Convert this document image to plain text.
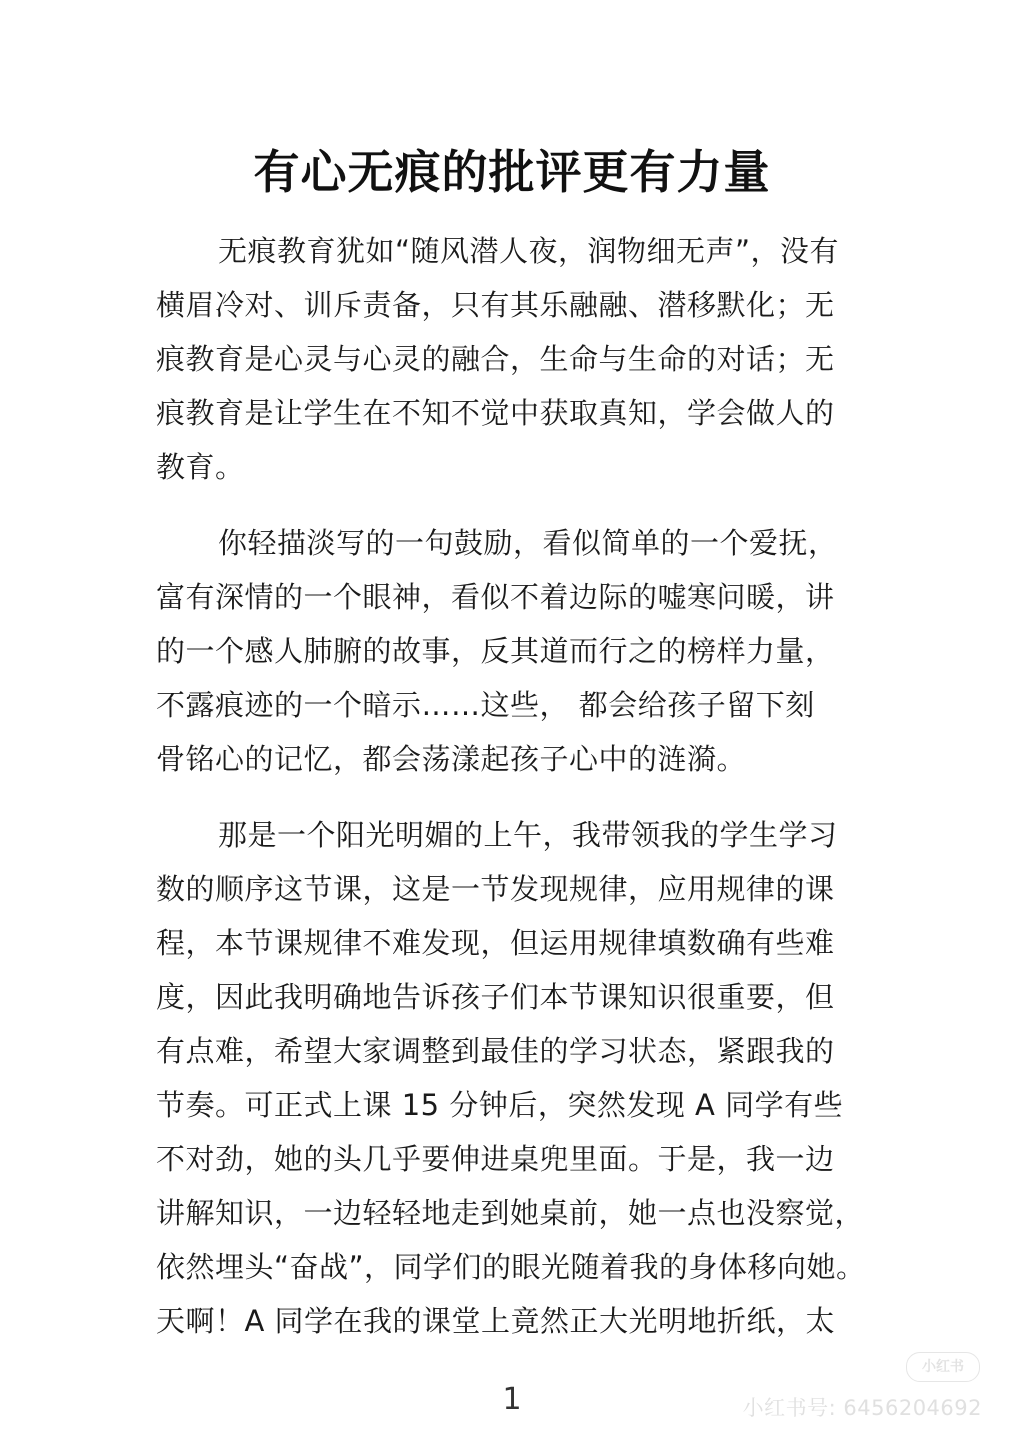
有心无痕的批评更有力量
无痕教育犹如“随风潜人夜，润物细无声”，没有
横眉冷对、训斥责备，只有其乐融融、潜移默化；无
痕教育是心灵与心灵的融合，生命与生命的对话；无
痕教育是让学生在不知不觉中获取真知，学会做人的
教育。
你轻描淡写的一句鼓励，看似简单的一个爱抚，
富有深情的一个眼神，看似不着边际的嘘寒问暖，讲
的一个感人肺腑的故事，反其道而行之的榜样力量，
不露痕迹的一个暗示……这些， 都会给孩子留下刻
骨铭心的记忆，都会荡漾起孩子心中的涟漪。
那是一个阳光明媚的上午，我带领我的学生学习
数的顺序这节课，这是一节发现规律，应用规律的课
程，本节课规律不难发现，但运用规律填数确有些难
度，因此我明确地告诉孩子们本节课知识很重要，但
有点难，希望大家调整到最佳的学习状态，紧跟我的
节奏。可正式上课 15 分钟后，突然发现 A 同学有些
不对劲，她的头几乎要伸进桌兜里面。于是，我一边
讲解知识，一边轻轻地走到她桌前，她一点也没察觉，
依然埋头“奋战”，同学们的眼光随着我的身体移向她。
天啊！A 同学在我的课堂上竟然正大光明地折纸，太
1
小红书
小红书号: 6456204692
